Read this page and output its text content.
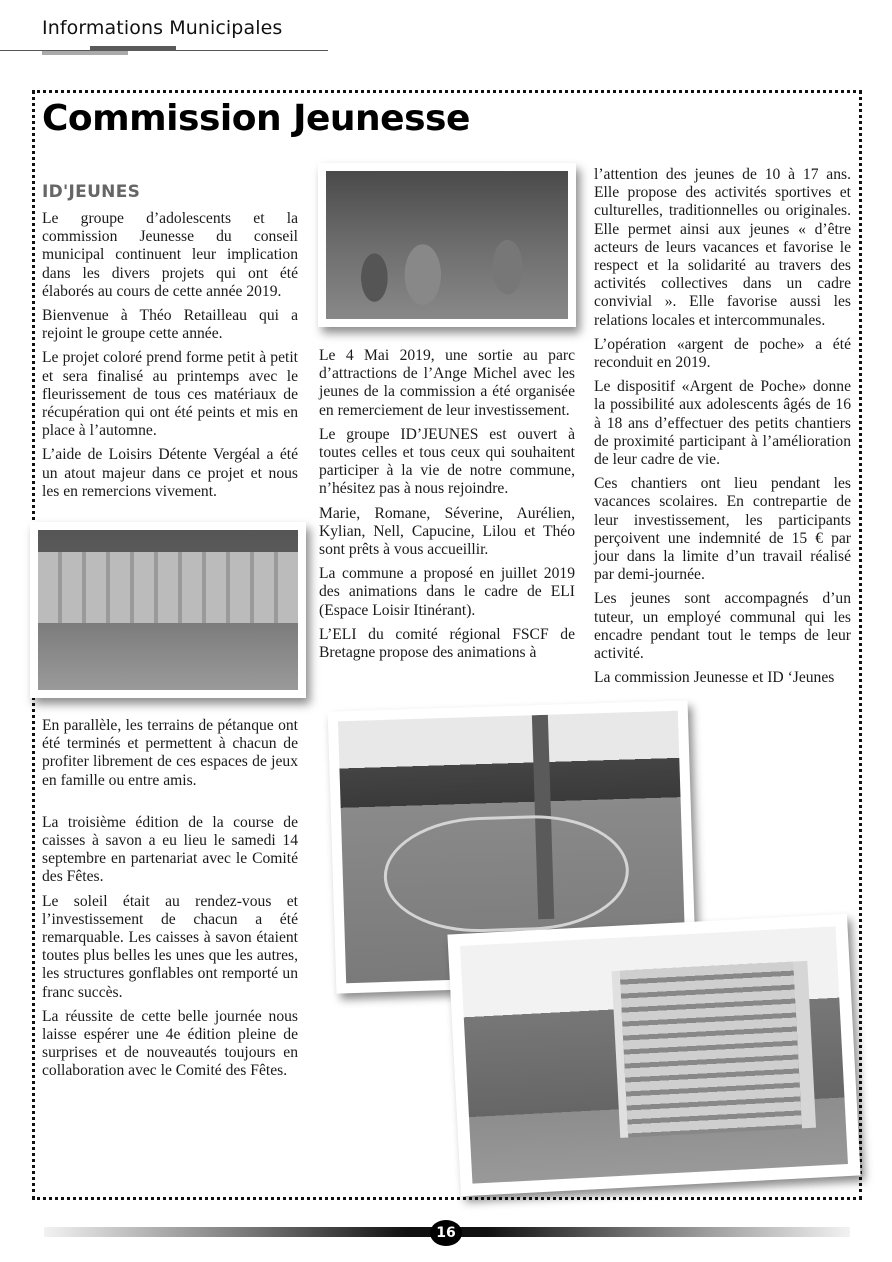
Informations Municipales
Commission Jeunesse
ID'JEUNES

Le groupe d’adolescents et la commission Jeunesse du conseil municipal continuent leur implication dans les divers projets qui ont été élaborés au cours de cette année 2019.

Bienvenue à Théo Retailleau qui a rejoint le groupe cette année.

Le projet coloré prend forme petit à petit et sera finalisé au printemps avec le fleurissement de tous ces matériaux de récupération qui ont été peints et mis en place à l’automne.

L’aide de Loisirs Détente Vergéal a été un atout majeur dans ce projet et nous les en remercions vivement.

Le 4 Mai 2019, une sortie au parc d’attractions de l’Ange Michel avec les jeunes de la commission a été organisée en remerciement de leur investissement.

Le groupe ID’JEUNES est ouvert à toutes celles et tous ceux qui souhaitent participer à la vie de notre commune, n’hésitez pas à nous rejoindre.

Marie, Romane, Séverine, Aurélien, Kylian, Nell, Capucine, Lilou et Théo sont prêts à vous accueillir.

La commune a proposé en juillet 2019 des animations dans le cadre de ELI (Espace Loisir Itinérant).

L’ELI du comité régional FSCF de Bretagne propose des animations à

l’attention des jeunes de 10 à 17 ans. Elle propose des activités sportives et culturelles, traditionnelles ou originales. Elle permet ainsi aux jeunes « d’être acteurs de leurs vacances et favorise le respect et la solidarité au travers des activités collectives dans un cadre convivial ». Elle favorise aussi les relations locales et intercommunales.

L’opération «argent de poche» a été reconduit en 2019.

Le dispositif «Argent de Poche» donne la possibilité aux adolescents âgés de 16 à 18 ans d’effectuer des petits chantiers de proximité participant à l’amélioration de leur cadre de vie.

Ces chantiers ont lieu pendant les vacances scolaires. En contrepartie de leur investissement, les participants perçoivent une indemnité de 15 € par jour dans la limite d’un travail réalisé par demi-journée.

Les jeunes sont accompagnés d’un tuteur, un employé communal qui les encadre pendant tout le temps de leur activité.

La commission Jeunesse et ID ‘Jeunes

En parallèle, les terrains de pétanque ont été terminés et permettent à chacun de profiter librement de ces espaces de jeux en famille ou entre amis.

La troisième édition de la course de caisses à savon a eu lieu le samedi 14 septembre en partenariat avec le Comité des Fêtes.

Le soleil était au rendez-vous et l’investissement de chacun a été remarquable. Les caisses à savon étaient toutes plus belles les unes que les autres, les structures gonflables ont remporté un franc succès.

La réussite de cette belle journée nous laisse espérer une 4e édition pleine de surprises et de nouveautés toujours en collaboration avec le Comité des Fêtes.

16
